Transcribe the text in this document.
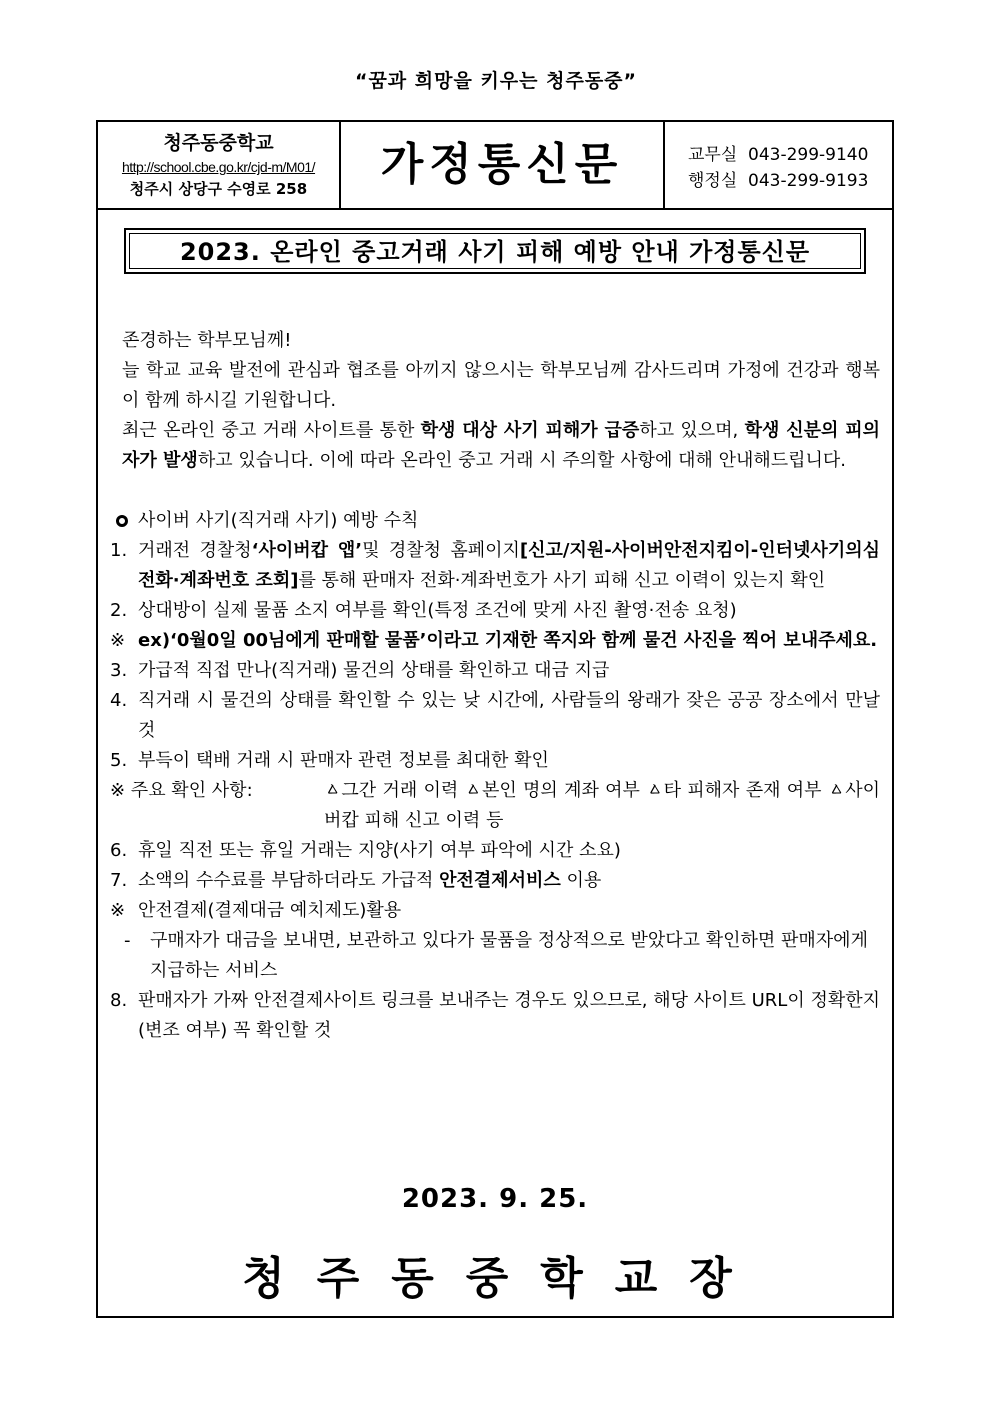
“꿈과 희망을 키우는 청주동중”
청주동중학교
http://school.cbe.go.kr/cjd-m/M01/
청주시 상당구 수영로 258	가정통신문	교무실 043-299-9140
행정실 043-299-9193
2023. 온라인 중고거래 사기 피해 예방 안내 가정통신문

존경하는 학부모님께!

늘 학교 교육 발전에 관심과 협조를 아끼지 않으시는 학부모님께 감사드리며 가정에 건강과 행복이 함께 하시길 기원합니다.

최근 온라인 중고 거래 사이트를 통한 학생 대상 사기 피해가 급증하고 있으며, 학생 신분의 피의자가 발생하고 있습니다. 이에 따라 온라인 중고 거래 시 주의할 사항에 대해 안내해드립니다.

사이버 사기(직거래 사기) 예방 수칙
1. 거래전 경찰청‘사이버캅 앱’및 경찰청 홈페이지[신고/지원-사이버안전지킴이-인터넷사기의심전화·계좌번호 조회]를 통해 판매자 전화·계좌번호가 사기 피해 신고 이력이 있는지 확인
2. 상대방이 실제 물품 소지 여부를 확인(특정 조건에 맞게 사진 촬영·전송 요청)
※ ex)‘0월0일 00님에게 판매할 물품’이라고 기재한 쪽지와 함께 물건 사진을 찍어 보내주세요.
3. 가급적 직접 만나(직거래) 물건의 상태를 확인하고 대금 지급
4. 직거래 시 물건의 상태를 확인할 수 있는 낮 시간에, 사람들의 왕래가 잦은 공공 장소에서 만날 것
5. 부득이 택배 거래 시 판매자 관련 정보를 최대한 확인
※ 주요 확인 사항:	ㅿ그간 거래 이력 ㅿ본인 명의 계좌 여부 ㅿ타 피해자 존재 여부 ㅿ사이버캅 피해 신고 이력 등
6. 휴일 직전 또는 휴일 거래는 지양(사기 여부 파악에 시간 소요)
7. 소액의 수수료를 부담하더라도 가급적 안전결제서비스 이용
※ 안전결제(결제대금 예치제도)활용
-	구매자가 대금을 보내면, 보관하고 있다가 물품을 정상적으로 받았다고 확인하면 판매자에게 지급하는 서비스
8. 판매자가 가짜 안전결제사이트 링크를 보내주는 경우도 있으므로, 해당 사이트 URL이 정확한지(변조 여부) 꼭 확인할 것
2023. 9. 25.
청주동중학교장
